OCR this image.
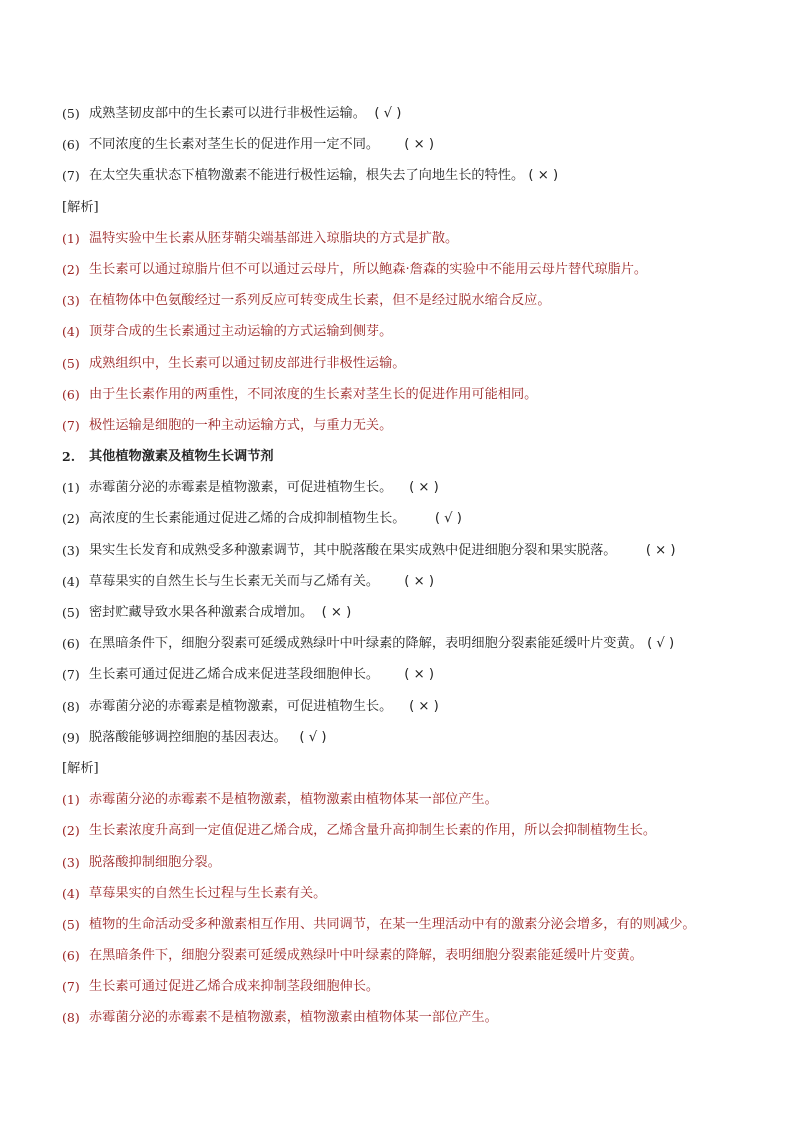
(5) 成熟茎韧皮部中的生长素可以进行非极性运输。
( √ )
(6) 不同浓度的生长素对茎生长的促进作用一定不同。
( × )
(7) 在太空失重状态下植物激素不能进行极性运输，根失去了向地生长的特性。
( × )
[解析]
(1) 温特实验中生长素从胚芽鞘尖端基部进入琼脂块的方式是扩散。
(2) 生长素可以通过琼脂片但不可以通过云母片，所以鲍森·詹森的实验中不能用云母片替代琼脂片。
(3) 在植物体中色氨酸经过一系列反应可转变成生长素，但不是经过脱水缩合反应。
(4) 顶芽合成的生长素通过主动运输的方式运输到侧芽。
(5) 成熟组织中，生长素可以通过韧皮部进行非极性运输。
(6) 由于生长素作用的两重性，不同浓度的生长素对茎生长的促进作用可能相同。
(7) 极性运输是细胞的一种主动运输方式，与重力无关。
2.	其他植物激素及植物生长调节剂
(1) 赤霉菌分泌的赤霉素是植物激素，可促进植物生长。
( × )
(2) 高浓度的生长素能通过促进乙烯的合成抑制植物生长。
( √ )
(3) 果实生长发育和成熟受多种激素调节，其中脱落酸在果实成熟中促进细胞分裂和果实脱落。
( × )
(4) 草莓果实的自然生长与生长素无关而与乙烯有关。
( × )
(5) 密封贮藏导致水果各种激素合成增加。
( × )
(6) 在黑暗条件下，细胞分裂素可延缓成熟绿叶中叶绿素的降解，表明细胞分裂素能延缓叶片变黄。
( √ )
(7) 生长素可通过促进乙烯合成来促进茎段细胞伸长。
( × )
(8) 赤霉菌分泌的赤霉素是植物激素，可促进植物生长。
( × )
(9) 脱落酸能够调控细胞的基因表达。
( √ )
[解析]
(1) 赤霉菌分泌的赤霉素不是植物激素，植物激素由植物体某一部位产生。
(2) 生长素浓度升高到一定值促进乙烯合成，乙烯含量升高抑制生长素的作用，所以会抑制植物生长。
(3) 脱落酸抑制细胞分裂。
(4) 草莓果实的自然生长过程与生长素有关。
(5) 植物的生命活动受多种激素相互作用、共同调节，在某一生理活动中有的激素分泌会增多，有的则减少。
(6) 在黑暗条件下，细胞分裂素可延缓成熟绿叶中叶绿素的降解，表明细胞分裂素能延缓叶片变黄。
(7) 生长素可通过促进乙烯合成来抑制茎段细胞伸长。
(8) 赤霉菌分泌的赤霉素不是植物激素，植物激素由植物体某一部位产生。
